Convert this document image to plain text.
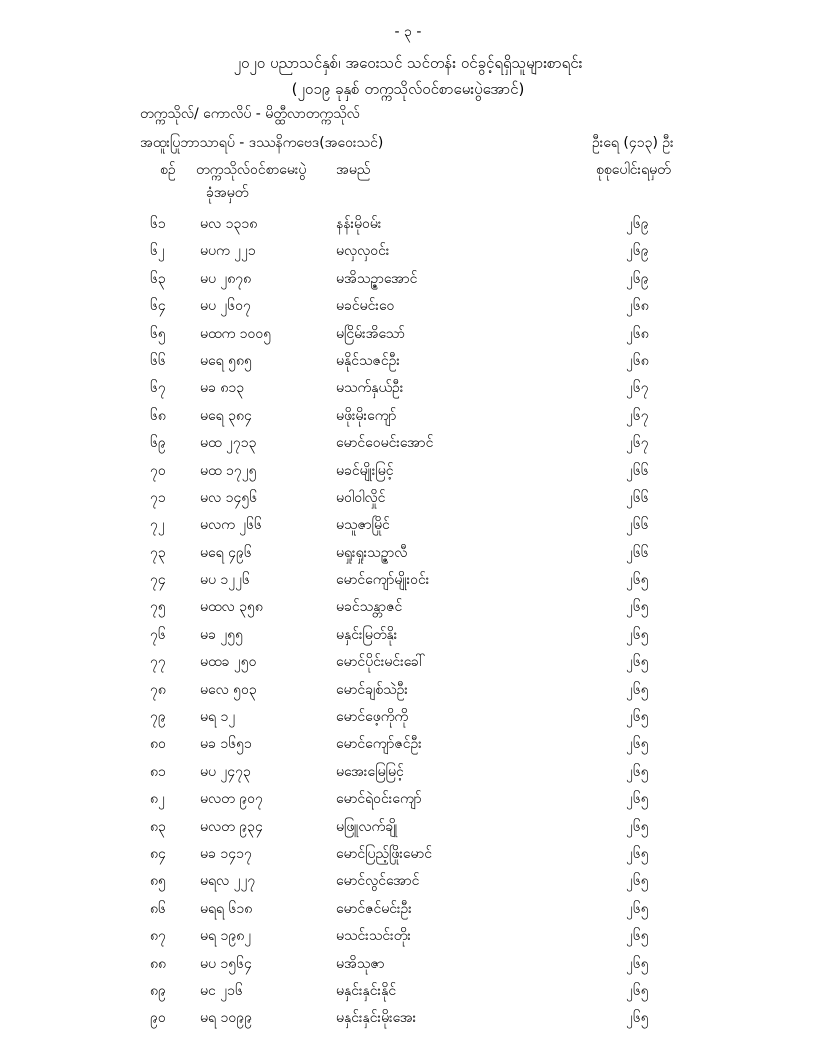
- ၃ -
၂၀၂၀ ပညာသင်နှစ်၊ အဝေးသင် သင်တန်း ဝင်ခွင့်ရရှိသူများစာရင်း
(၂၀၁၉ ခုနှစ် တက္ကသိုလ်ဝင်စာမေးပွဲအောင်)
တက္ကသိုလ်/ ကောလိပ် - မိတ္ထီလာတက္ကသိုလ်
အထူးပြုဘာသာရပ် - ဒဿနိကဗေဒ(အဝေးသင်)	ဦးရေ (၄၁၃) ဦး
စဉ် တက္ကသိုလ်ဝင်စာမေးပွဲ
ခုံအမှတ်
အမည်	စုစုပေါင်းရမှတ်
၆၁ မလ ၁၃၁၈	နန်းမိုဝမ်း	၂၆၉
၆၂	မပက ၂၂၁	မလှလှဝင်း	၂၆၉
၆၃ မပ ၂၈၇၈	မအိသဉ္ဇာအောင်	၂၆၉
၆၄ မပ ၂၆၀၇	မခင်မင်းဝေ	၂၆၈
၆၅ မထက ၁၀၀၅	မငြိမ်းအိသော်	၂၆၈
၆၆ မရေ ၅၈၅	မနိုင်သဇင်ဦး	၂၆၈
၆၇ မခ ၈၁၃	မသက်နှယ်ဦး	၂၆၇
၆၈ မရေ ၃၈၄	မဖိုးမိုးကျော်	၂၆၇
၆၉ မထ ၂၇၁၃	မောင်ဝေမင်းအောင်	၂၆၇
၇၀ မထ ၁၇၂၅	မခင်မျိုးမြင့်	၂၆၆
၇၁ မလ ၁၄၅၆	မဝါဝါလှိုင်	၂၆၆
၇၂	မလက ၂၆၆	မသူဇာမြိုင်	၂၆၆
၇၃ မရေ ၄၉၆	မရှုးရှုးသဉ္ဇာလီ	၂၆၆
၇၄ မပ ၁၂၂၆	မောင်ကျော်မျိုးဝင်း	၂၆၅
၇၅ မထလ ၃၅၈	မခင်သန္တာဇင်	၂၆၅
၇၆ မခ ၂၅၅	မနှင်းမြတ်နိုး	၂၆၅
၇၇ မထခ ၂၅၀	မောင်ပိုင်းမင်းခေါ်	၂၆၅
၇၈ မလေ ၅၀၃	မောင်ချစ်သဲဦး	၂၆၅
၇၉ မရ ၁၂	မောင်ဖေ့ကိုကို	၂၆၅
၈၀ မခ ၁၆၅၁	မောင်ကျော်ဇင်ဦး	၂၆၅
၈၁ မပ ၂၄၇၃	မအေးမြေမြင့်	၂၆၅
၈၂	မလတ ၉၀၇	မောင်ရဲဝင်းကျော်	၂၆၅
၈၃ မလတ ၉၃၄	မဖြူလက်ချို	၂၆၅
၈၄ မခ ၁၄၁၇	မောင်ပြည့်ဖြိုးမောင်	၂၆၅
၈၅ မရလ ၂၂၇	မောင်လွင်အောင်	၂၆၅
၈၆ မရရ ၆၁၈	မောင်ဇင်မင်းဦး	၂၆၅
၈၇ မရ ၁၉၈၂	မသင်းသင်းတိုး	၂၆၅
၈၈ မပ ၁၅၆၄	မအိသုဇာ	၂၆၅
၈၉ မင ၂၁၆	မနှင်းနှင်းနိုင်	၂၆၅
၉၀ မရ ၁၀၉၉	မနှင်းနှင်းမိုးအေး	၂၆၅
